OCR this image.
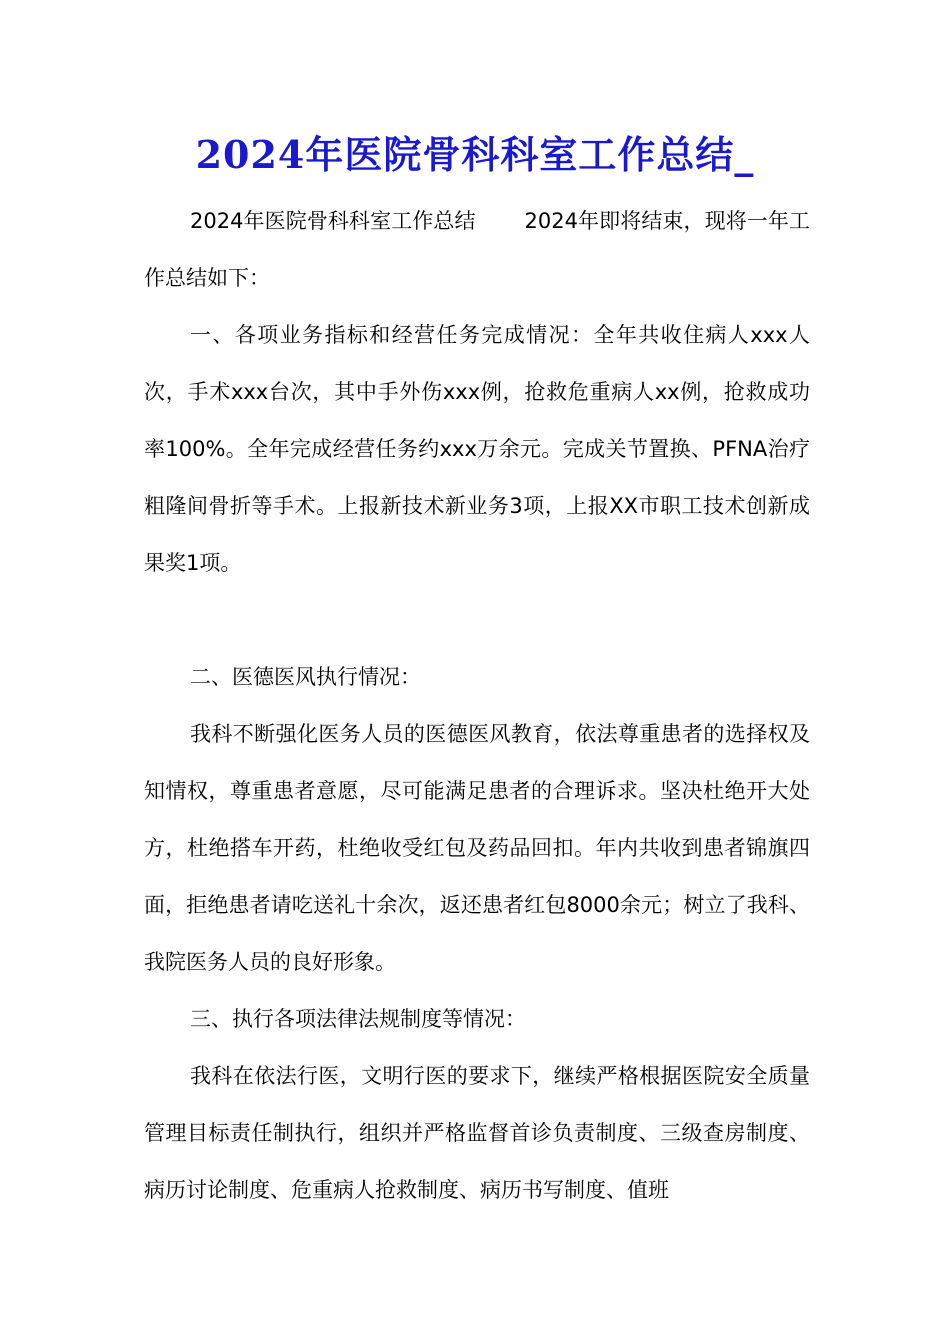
2024年医院骨科科室工作总结_

2024年医院骨科科室工作总结　　 2024年即将结束，现将一年工作总结如下：

一、各项业务指标和经营任务完成情况：全年共收住病人xxx人次，手术xxx台次，其中手外伤xxx例，抢救危重病人xx例，抢救成功率100%。全年完成经营任务约xxx万余元。完成关节置换、PFNA治疗粗隆间骨折等手术。上报新技术新业务3项，上报XX市职工技术创新成果奖1项。

二、医德医风执行情况：

我科不断强化医务人员的医德医风教育，依法尊重患者的选择权及知情权，尊重患者意愿，尽可能满足患者的合理诉求。坚决杜绝开大处方，杜绝搭车开药，杜绝收受红包及药品回扣。年内共收到患者锦旗四面，拒绝患者请吃送礼十余次，返还患者红包8000余元；树立了我科、我院医务人员的良好形象。

三、执行各项法律法规制度等情况：

我科在依法行医，文明行医的要求下，继续严格根据医院安全质量管理目标责任制执行，组织并严格监督首诊负责制度、三级查房制度、病历讨论制度、危重病人抢救制度、病历书写制度、值班
